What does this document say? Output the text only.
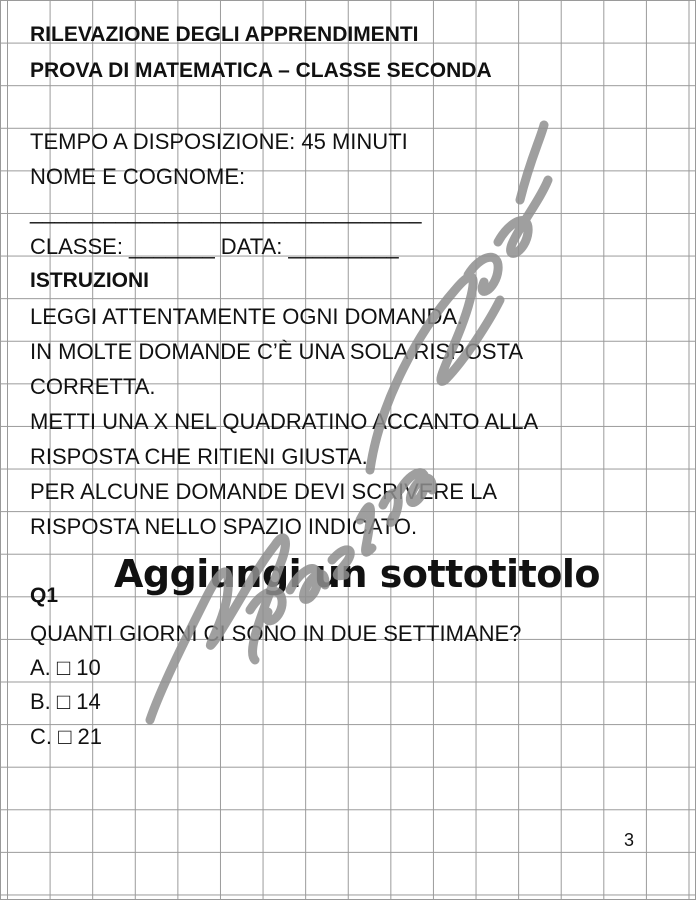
RILEVAZIONE DEGLI APPRENDIMENTI
PROVA DI MATEMATICA – CLASSE SECONDA
TEMPO A DISPOSIZIONE: 45 MINUTI
NOME E COGNOME:
________________________________
CLASSE: _______ DATA: _________
ISTRUZIONI
LEGGI ATTENTAMENTE OGNI DOMANDA.
IN MOLTE DOMANDE C’È UNA SOLA RISPOSTA
CORRETTA.
METTI UNA X NEL QUADRATINO ACCANTO ALLA
RISPOSTA CHE RITIENI GIUSTA.
PER ALCUNE DOMANDE DEVI SCRIVERE LA
RISPOSTA NELLO SPAZIO INDICATO.
Aggiungi un sottotitolo
Q1
QUANTI GIORNI CI SONO IN DUE SETTIMANE?
A. □ 10
B. □ 14
C. □ 21
3
